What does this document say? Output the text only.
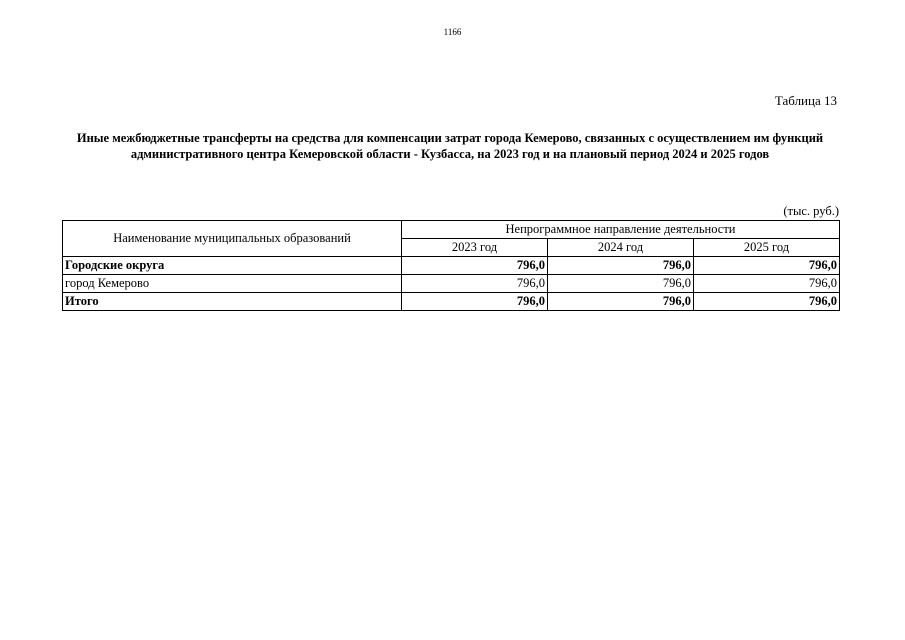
1166
Таблица 13
Иные межбюджетные трансферты на средства для компенсации затрат города Кемерово, связанных с осуществлением им функций административного центра Кемеровской области - Кузбасса, на 2023 год и на плановый период 2024 и 2025 годов
(тыс. руб.)
Наименование муниципальных образований	Непрограммное направление деятельности		
	2023 год	2024 год	2025 год
Городские округа	796,0	796,0	796,0
город Кемерово	796,0	796,0	796,0
Итого	796,0	796,0	796,0
